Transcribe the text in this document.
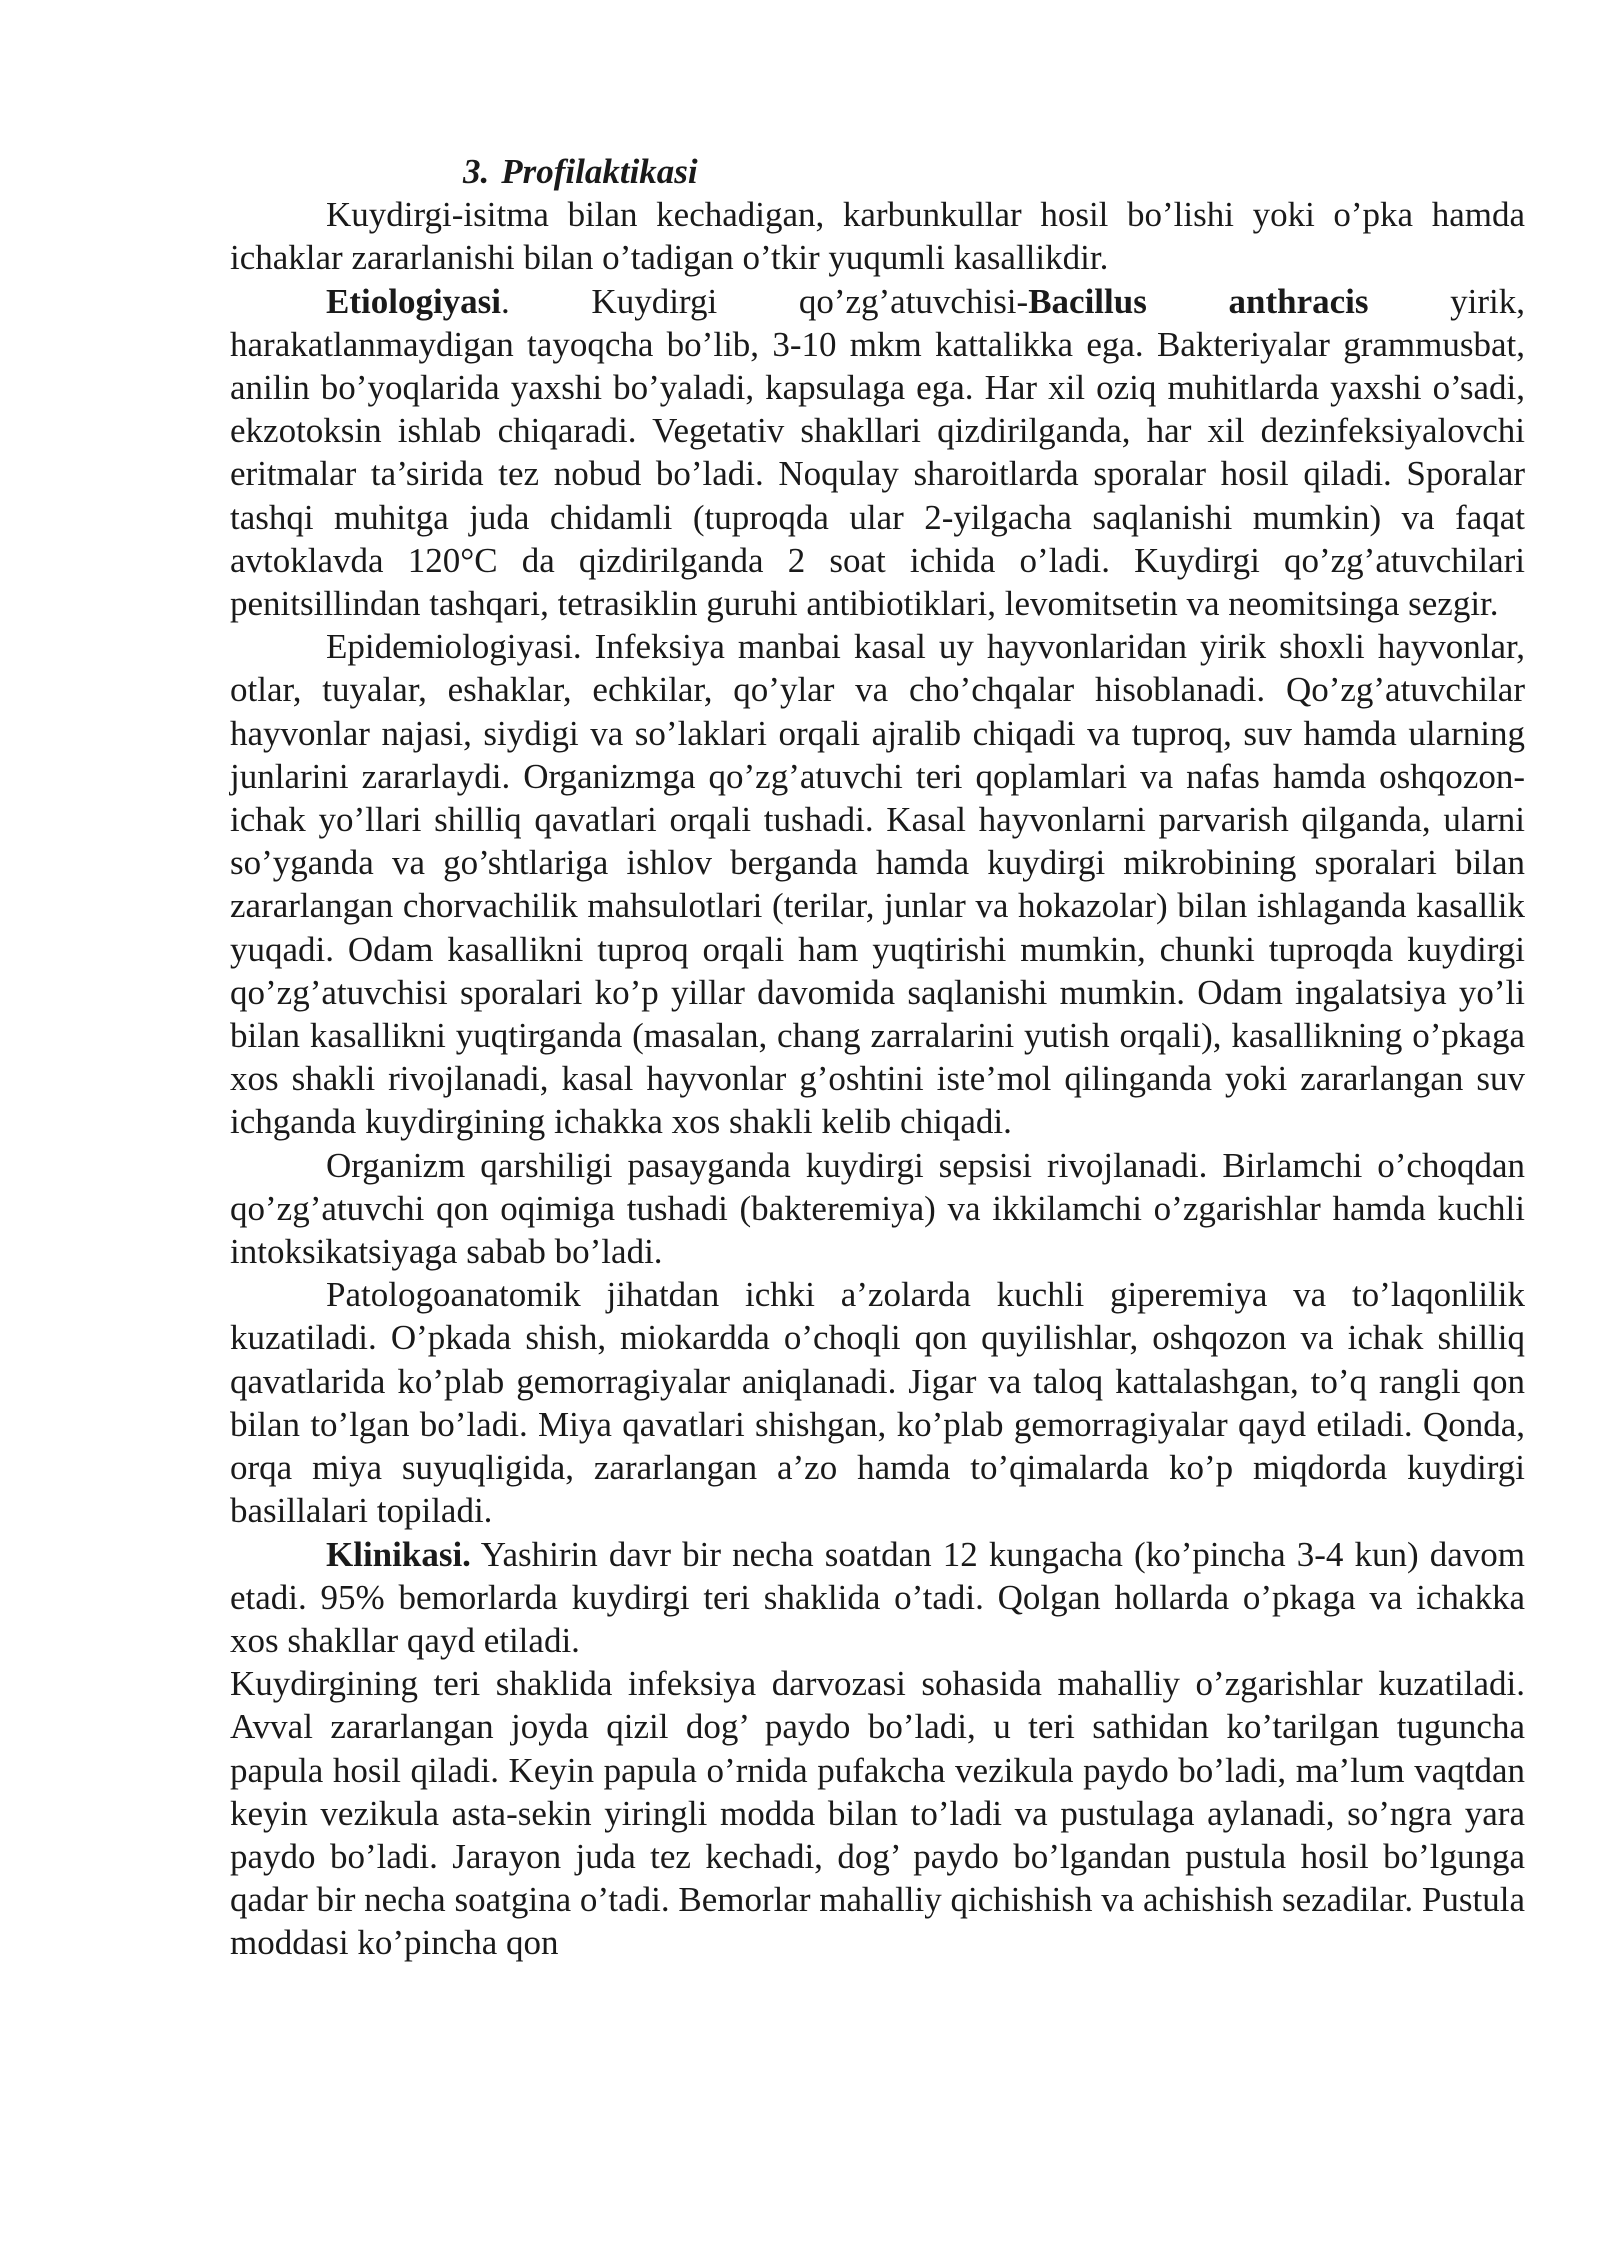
3. Profilaktikasi

Kuydirgi-isitma bilan kechadigan, karbunkullar hosil bo’lishi yoki o’pka hamda ichaklar zararlanishi bilan o’tadigan o’tkir yuqumli kasallikdir.

Etiologiyasi. Kuydirgi qo’zg’atuvchisi-Bacillus anthracis yirik, harakatlanmaydigan tayoqcha bo’lib, 3-10 mkm kattalikka ega. Bakteriyalar grammusbat, anilin bo’yoqlarida yaxshi bo’yaladi, kapsulaga ega. Har xil oziq muhitlarda yaxshi o’sadi, ekzotoksin ishlab chiqaradi. Vegetativ shakllari qizdirilganda, har xil dezinfeksiyalovchi eritmalar ta’sirida tez nobud bo’ladi. Noqulay sharoitlarda sporalar hosil qiladi. Sporalar tashqi muhitga juda chidamli (tuproqda ular 2-yilgacha saqlanishi mumkin) va faqat avtoklavda 120°C da qizdirilganda 2 soat ichida o’ladi. Kuydirgi qo’zg’atuvchilari penitsillindan tashqari, tetrasiklin guruhi antibiotiklari, levomitsetin va neomitsinga sezgir.

Epidemiologiyasi. Infeksiya manbai kasal uy hayvonlaridan yirik shoxli hayvonlar, otlar, tuyalar, eshaklar, echkilar, qo’ylar va cho’chqalar hisoblanadi. Qo’zg’atuvchilar hayvonlar najasi, siydigi va so’laklari orqali ajralib chiqadi va tuproq, suv hamda ularning junlarini zararlaydi. Organizmga qo’zg’atuvchi teri qoplamlari va nafas hamda oshqozon-ichak yo’llari shilliq qavatlari orqali tushadi. Kasal hayvonlarni parvarish qilganda, ularni so’yganda va go’shtlariga ishlov berganda hamda kuydirgi mikrobining sporalari bilan zararlangan chorvachilik mahsulotlari (terilar, junlar va hokazolar) bilan ishlaganda kasallik yuqadi. Odam kasallikni tuproq orqali ham yuqtirishi mumkin, chunki tuproqda kuydirgi qo’zg’atuvchisi sporalari ko’p yillar davomida saqlanishi mumkin. Odam ingalatsiya yo’li bilan kasallikni yuqtirganda (masalan, chang zarralarini yutish orqali), kasallikning o’pkaga xos shakli rivojlanadi, kasal hayvonlar g’oshtini iste’mol qilinganda yoki zararlangan suv ichganda kuydirgining ichakka xos shakli kelib chiqadi.

Organizm qarshiligi pasayganda kuydirgi sepsisi rivojlanadi. Birlamchi o’choqdan qo’zg’atuvchi qon oqimiga tushadi (bakteremiya) va ikkilamchi o’zgarishlar hamda kuchli intoksikatsiyaga sabab bo’ladi.

Patologoanatomik jihatdan ichki a’zolarda kuchli giperemiya va to’laqonlilik kuzatiladi. O’pkada shish, miokardda o’choqli qon quyilishlar, oshqozon va ichak shilliq qavatlarida ko’plab gemorragiyalar aniqlanadi. Jigar va taloq kattalashgan, to’q rangli qon bilan to’lgan bo’ladi. Miya qavatlari shishgan, ko’plab gemorragiyalar qayd etiladi. Qonda, orqa miya suyuqligida, zararlangan a’zo hamda to’qimalarda ko’p miqdorda kuydirgi basillalari topiladi.

Klinikasi. Yashirin davr bir necha soatdan 12 kungacha (ko’pincha 3-4 kun) davom etadi. 95% bemorlarda kuydirgi teri shaklida o’tadi. Qolgan hollarda o’pkaga va ichakka xos shakllar qayd etiladi.

Kuydirgining teri shaklida infeksiya darvozasi sohasida mahalliy o’zgarishlar kuzatiladi. Avval zararlangan joyda qizil dog’ paydo bo’ladi, u teri sathidan ko’tarilgan tuguncha papula hosil qiladi. Keyin papula o’rnida pufakcha vezikula paydo bo’ladi, ma’lum vaqtdan keyin vezikula asta-sekin yiringli modda bilan to’ladi va pustulaga aylanadi, so’ngra yara paydo bo’ladi. Jarayon juda tez kechadi, dog’ paydo bo’lgandan pustula hosil bo’lgunga qadar bir necha soatgina o’tadi. Bemorlar mahalliy qichishish va achishish sezadilar. Pustula moddasi ko’pincha qon
